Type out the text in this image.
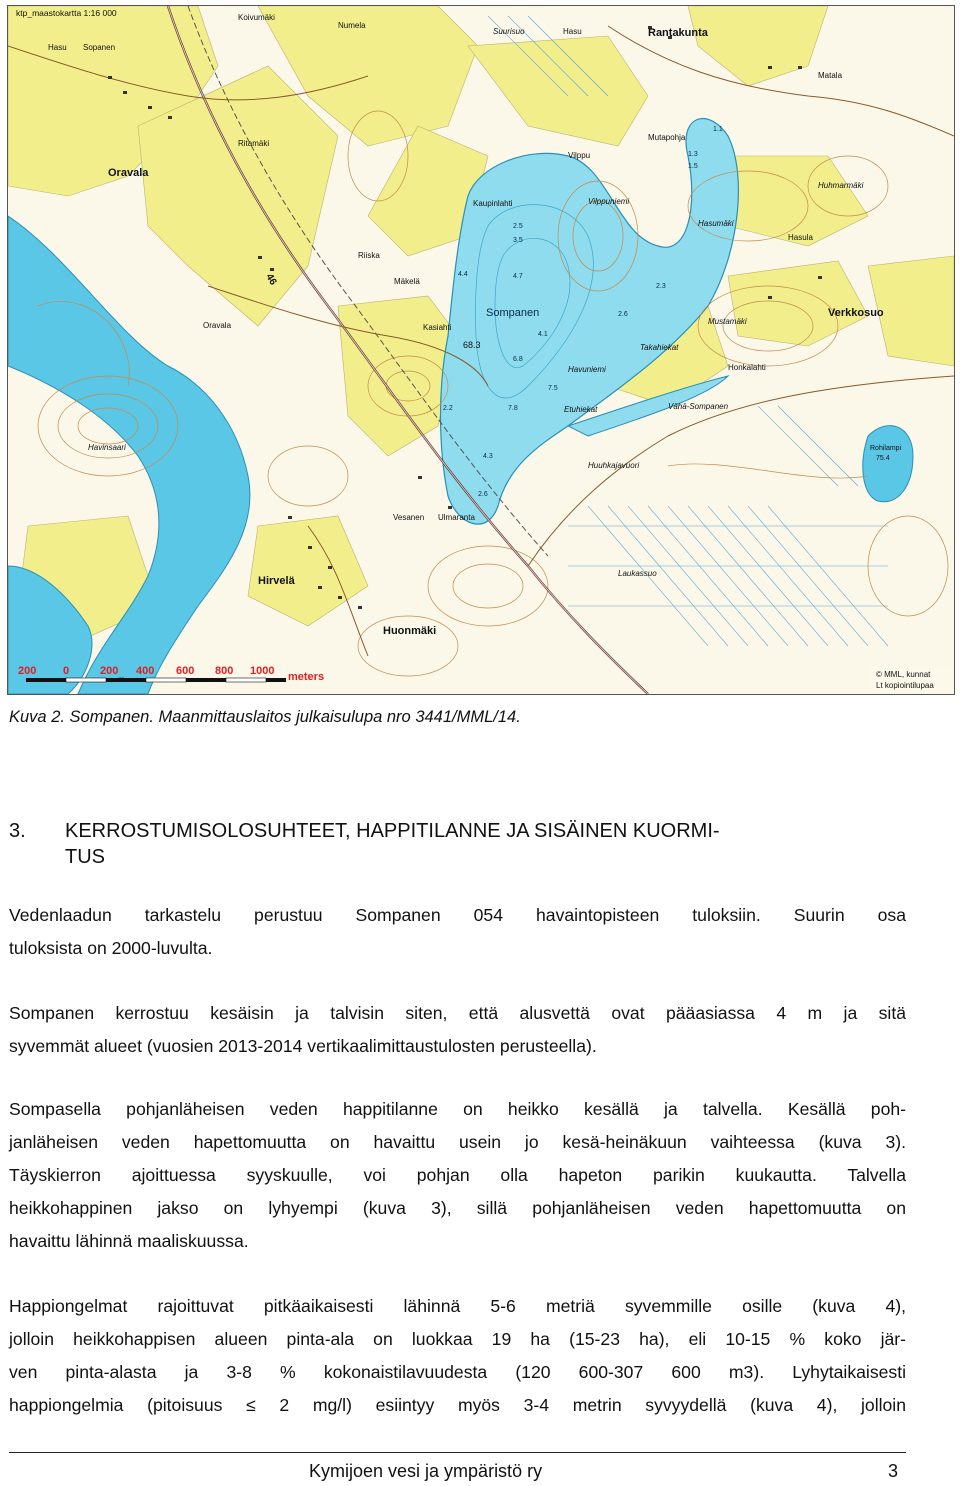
ktp_maastokartta 1:16 000
Oravala
Oravala
Hirvelä
Huonmäki
Rantakunta
Verkkosuo
Hasu
Hasu
Sopanen
Koivumäki
Numela
Ritamäki
Riiska
Mäkelä
Kasiahti
Sompanen
68.3
Havuniemi
Etuhiekat
Takahiekat
Vähä-Sompanen
Huuhkajavuori
Mustamäki
Honkalahti
Hasumäki
Hasula
Huhmarmäki
Matala
Mutapohja
Vilppu
Kaupinlahti	Vilppuniemi
Suurisuo
Havinsaari	Rohilampi
75.4
Laukassuo
Vesanen Ulmaranta
46
2.5
3.5
4.4	4.7
2.3
2.6
4.1
6.8
7.5
7.8
2.2
4.3
2.6
1.3
1.5
1.1
200 0	200 400 600 800 1000 meters
m
© MML, kunnat
Lt kopiointilupaa
Kuva 2. Sompanen. Maanmittauslaitos julkaisulupa nro 3441/MML/14.
3. KERROSTUMISOLOSUHTEET, HAPPITILANNE JA SISÄINEN KUORMI-
TUS
Vedenlaadun tarkastelu perustuu Sompanen 054 havaintopisteen tuloksiin. Suurin osa
tuloksista on 2000-luvulta.
Sompanen kerrostuu kesäisin ja talvisin siten, että alusvettä ovat pääasiassa 4 m ja sitä
syvemmät alueet (vuosien 2013-2014 vertikaalimittaustulosten perusteella).
Sompasella pohjanläheisen veden happitilanne on heikko kesällä ja talvella. Kesällä poh-
janläheisen veden hapettomuutta on havaittu usein jo kesä-heinäkuun vaihteessa (kuva 3).
Täyskierron ajoittuessa syyskuulle, voi pohjan olla hapeton parikin kuukautta. Talvella
heikkohappinen jakso on lyhyempi (kuva 3), sillä pohjanläheisen veden hapettomuutta on
havaittu lähinnä maaliskuussa.
Happiongelmat rajoittuvat pitkäaikaisesti lähinnä 5-6 metriä syvemmille osille (kuva 4),
jolloin heikkohappisen alueen pinta-ala on luokkaa 19 ha (15-23 ha), eli 10-15 % koko jär-
ven pinta-alasta ja 3-8 % kokonaistilavuudesta (120 600-307 600 m3). Lyhytaikaisesti
happiongelmia (pitoisuus ≤ 2 mg/l) esiintyy myös 3-4 metrin syvyydellä (kuva 4), jolloin
Kymijoen vesi ja ympäristö ry	3
